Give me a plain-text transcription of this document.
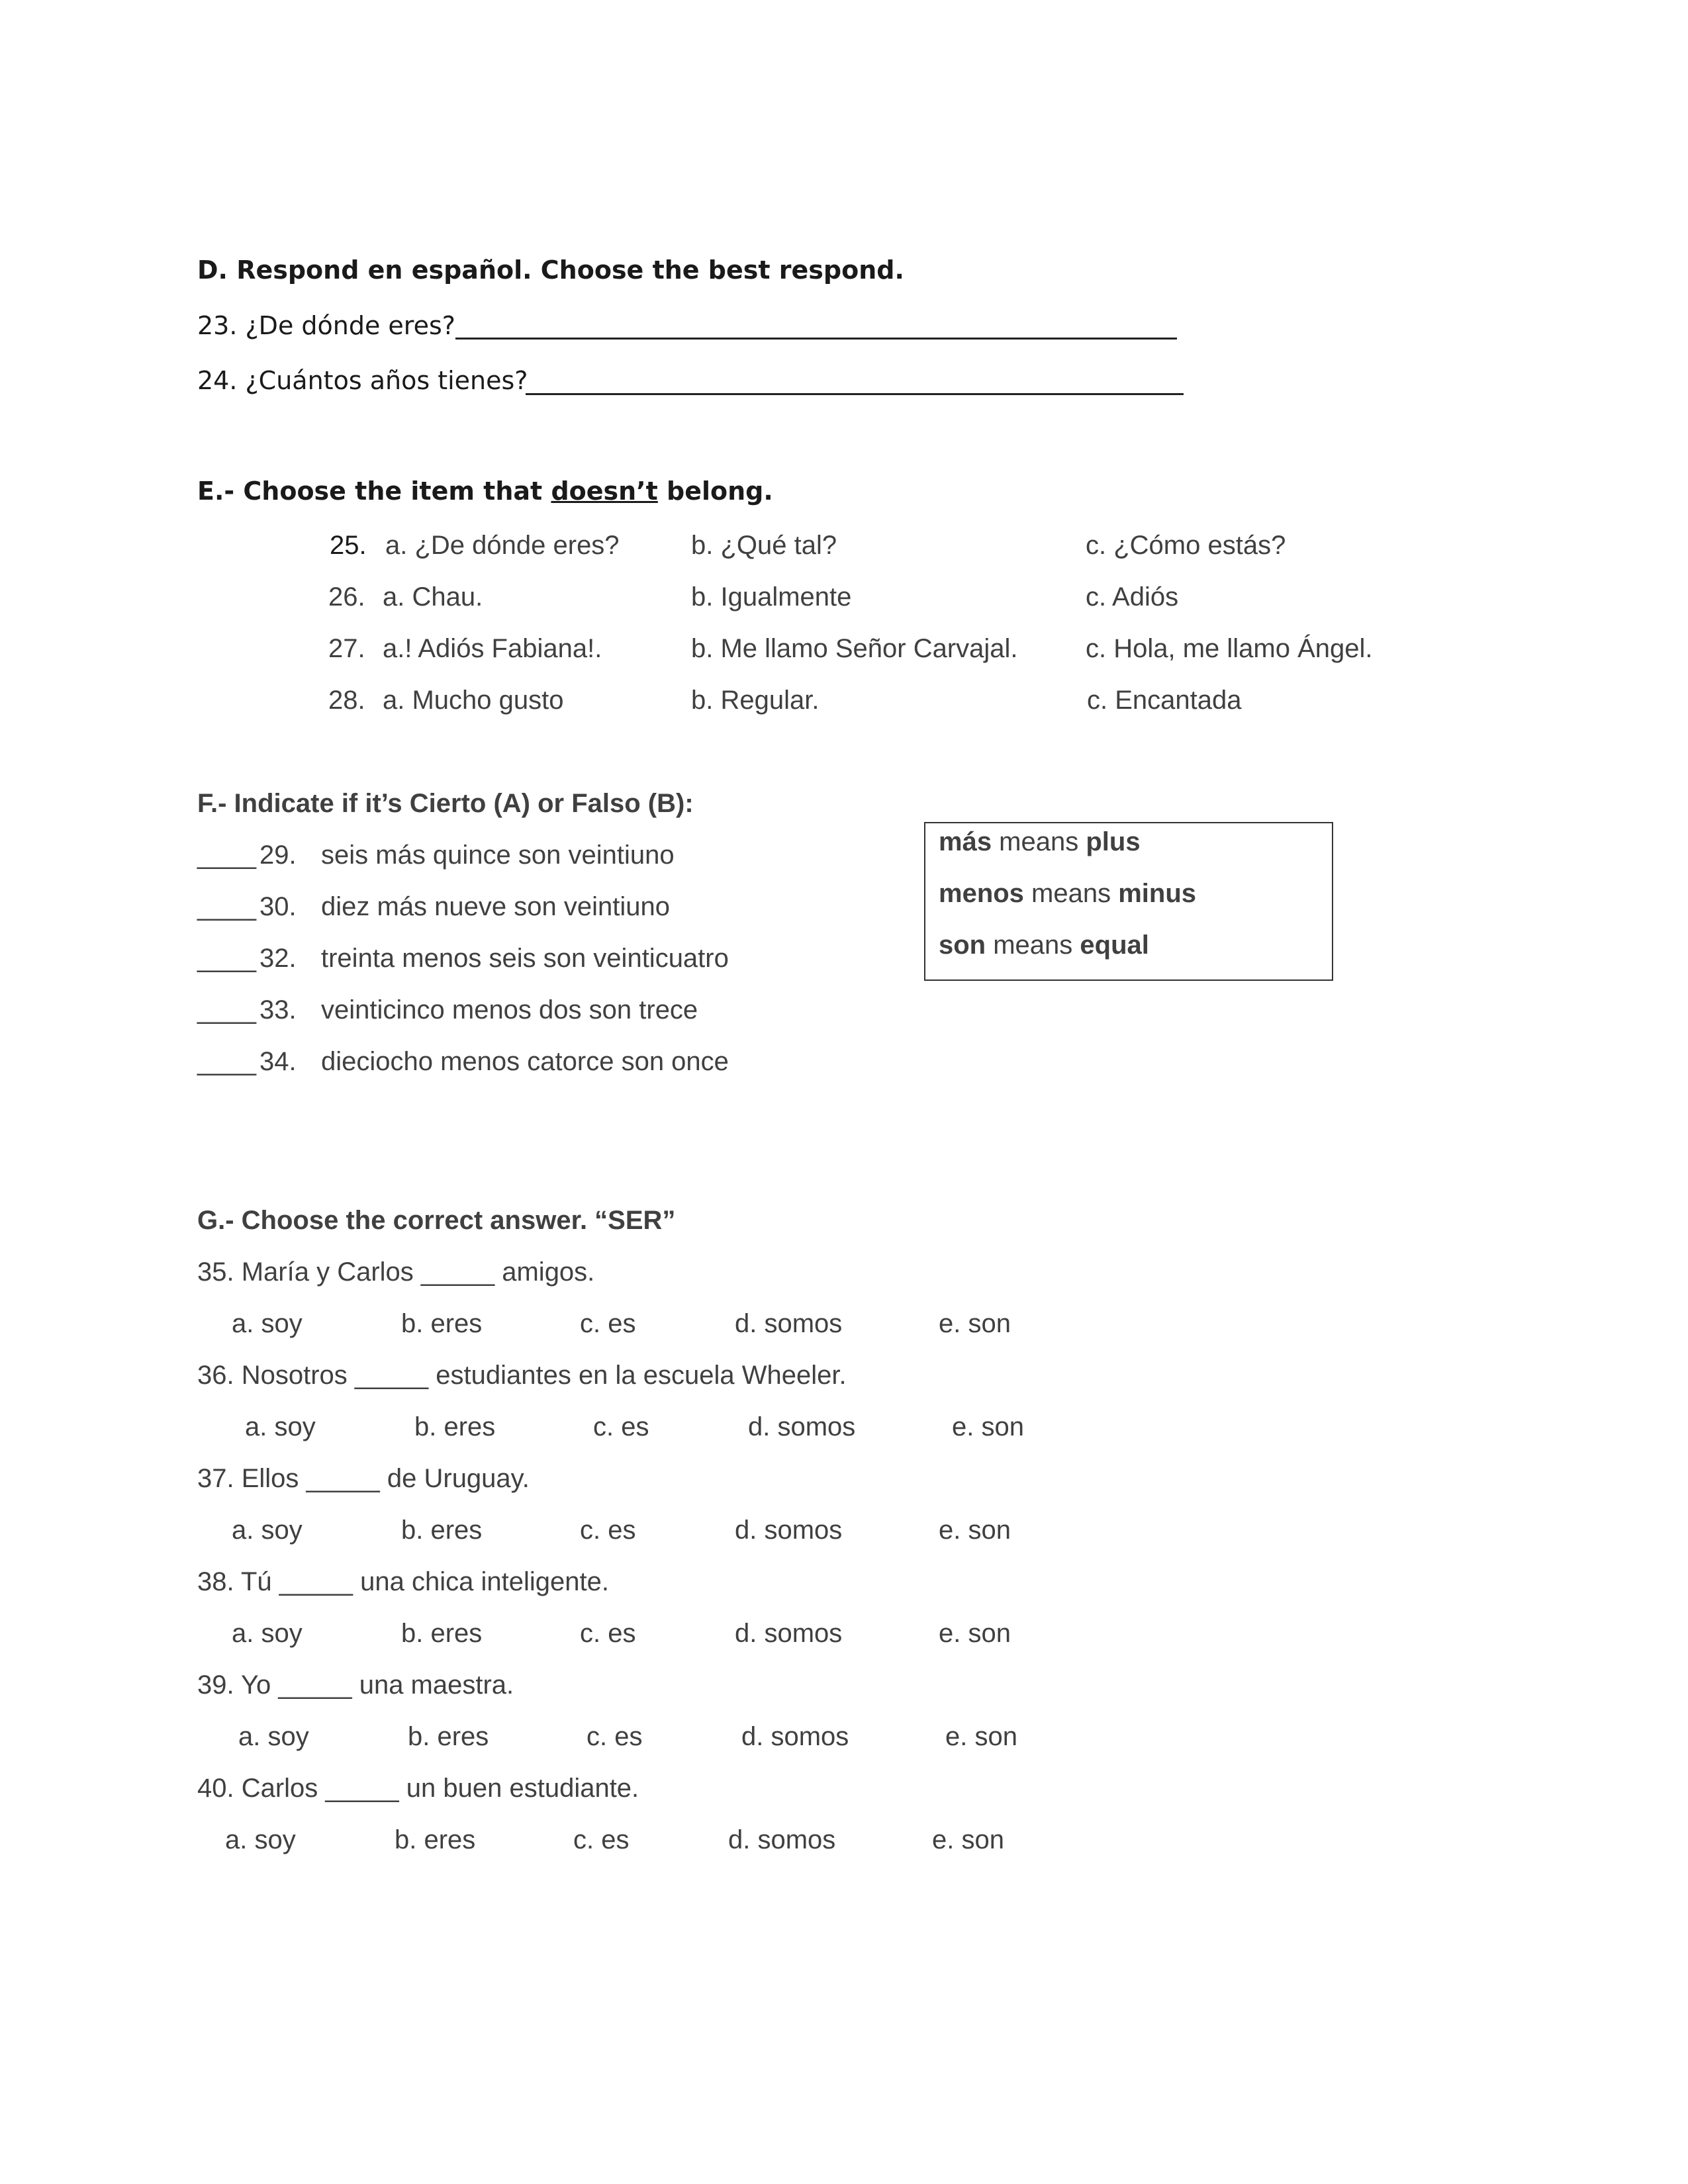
D. Respond en español. Choose the best respond.
23. ¿De dónde eres?
24. ¿Cuántos años tienes?
E.- Choose the item that doesn’t belong.
25. a. ¿De dónde eres?	b. ¿Qué tal?	c. ¿Cómo estás?
26. a. Chau.	b. Igualmente	c. Adiós
27. a.! Adiós Fabiana!.	b. Me llamo Señor Carvajal.	c. Hola, me llamo Ángel.
28. a. Mucho gusto	b. Regular.	c. Encantada
F.- Indicate if it’s Cierto (A) or Falso (B):
____ 29. seis más quince son veintiuno
____ 30. diez más nueve son veintiuno
____ 32. treinta menos seis son veinticuatro
____ 33. veinticinco menos dos son trece
____ 34. dieciocho menos catorce son once
más means plus
menos means minus
son means equal
G.- Choose the correct answer. “SER”
35. María y Carlos _____ amigos.
a. soy	b. eres	c. es	d. somos	e. son
36. Nosotros _____ estudiantes en la escuela Wheeler.
a. soy	b. eres	c. es	d. somos	e. son
37. Ellos _____ de Uruguay.
a. soy	b. eres	c. es	d. somos	e. son
38. Tú _____ una chica inteligente.
a. soy	b. eres	c. es	d. somos	e. son
39. Yo _____ una maestra.
a. soy	b. eres	c. es	d. somos	e. son
40. Carlos _____ un buen estudiante.
a. soy	b. eres	c. es	d. somos	e. son
